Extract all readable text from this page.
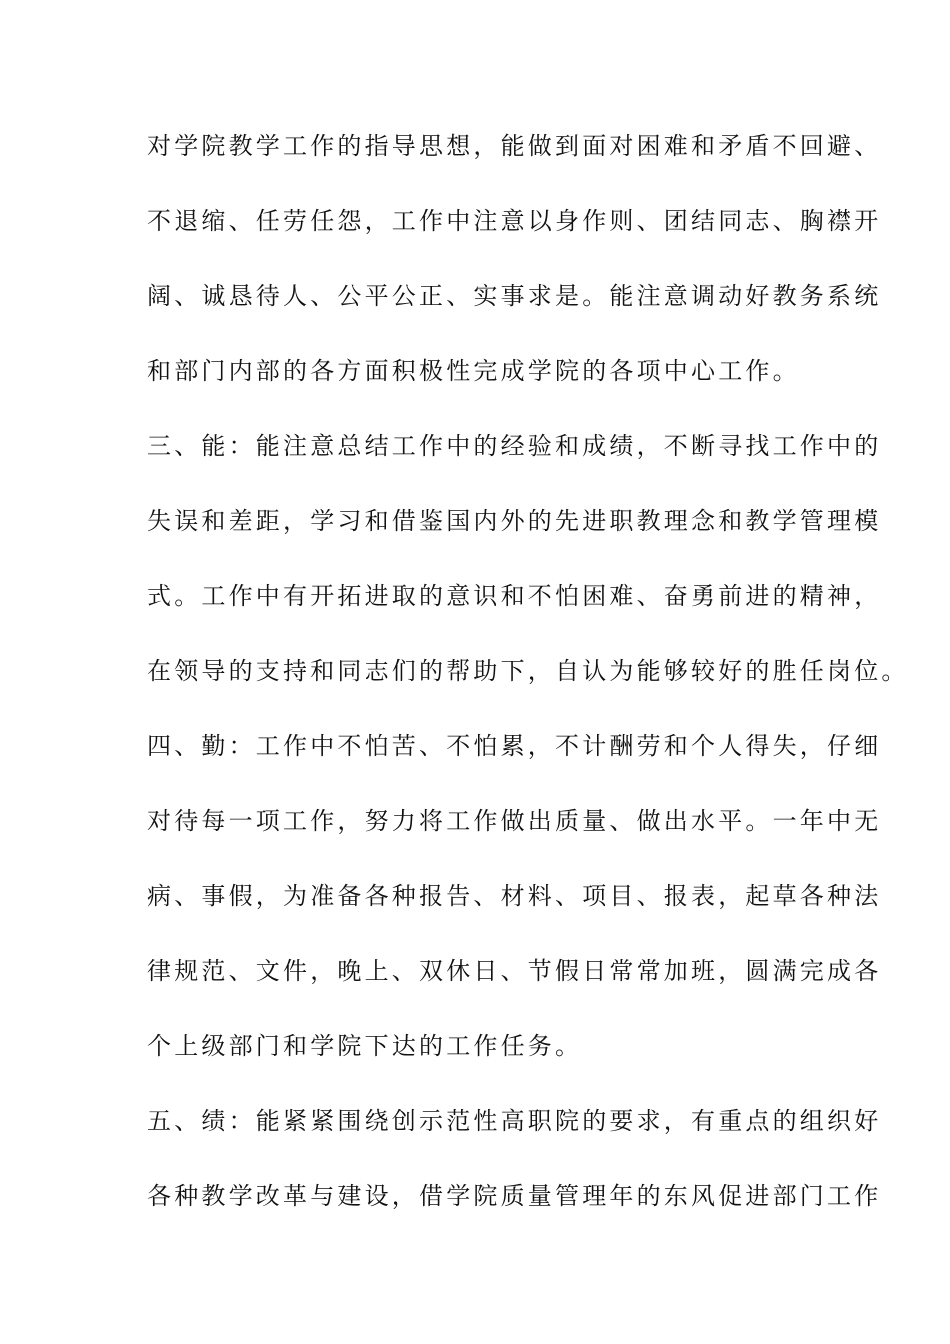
对学院教学工作的指导思想，能做到面对困难和矛盾不回避、
不退缩、任劳任怨，工作中注意以身作则、团结同志、胸襟开
阔、诚恳待人、公平公正、实事求是。能注意调动好教务系统
和部门内部的各方面积极性完成学院的各项中心工作。
三、能：能注意总结工作中的经验和成绩，不断寻找工作中的
失误和差距，学习和借鉴国内外的先进职教理念和教学管理模
式。工作中有开拓进取的意识和不怕困难、奋勇前进的精神，
在领导的支持和同志们的帮助下，自认为能够较好的胜任岗位。
四、勤：工作中不怕苦、不怕累，不计酬劳和个人得失，仔细
对待每一项工作，努力将工作做出质量、做出水平。一年中无
病、事假，为准备各种报告、材料、项目、报表，起草各种法
律规范、文件，晚上、双休日、节假日常常加班，圆满完成各
个上级部门和学院下达的工作任务。
五、绩：能紧紧围绕创示范性高职院的要求，有重点的组织好
各种教学改革与建设，借学院质量管理年的东风促进部门工作
